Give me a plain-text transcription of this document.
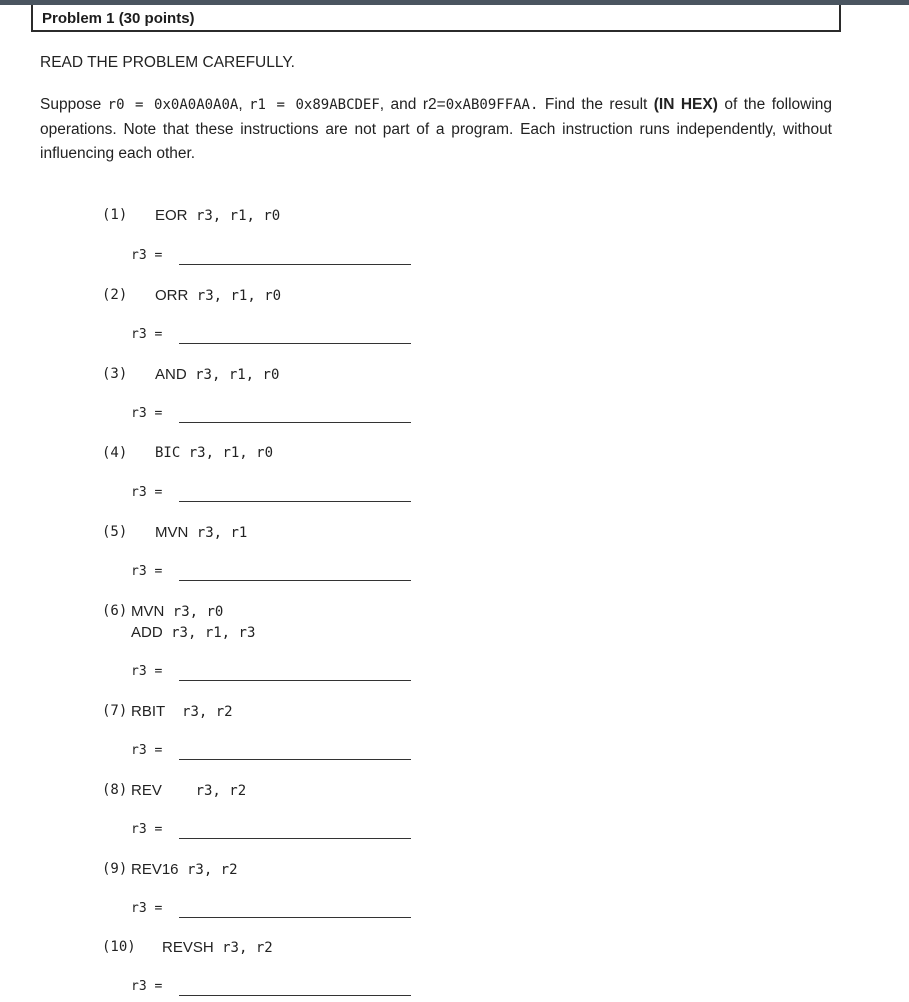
Problem 1 (30 points)
READ THE PROBLEM CAREFULLY.
Suppose r0 = 0x0A0A0A0A, r1 = 0x89ABCDEF, and r2=0xAB09FFAA. Find the result (IN HEX) of the following operations. Note that these instructions are not part of a program. Each instruction runs independently, without influencing each other.

(1)

EOR r3, r1, r0

r3 =

(2)

ORR r3, r1, r0

r3 =

(3)

AND r3, r1, r0

r3 =

(4)

BIC r3, r1, r0

r3 =

(5)

MVN r3, r1

r3 =

(6)

MVN r3, r0

ADD r3, r1, r3

r3 =

(7)

RBIT r3, r2

r3 =

(8)

REV r3, r2

r3 =

(9)

REV16 r3, r2

r3 =

(10)

REVSH r3, r2

r3 =
